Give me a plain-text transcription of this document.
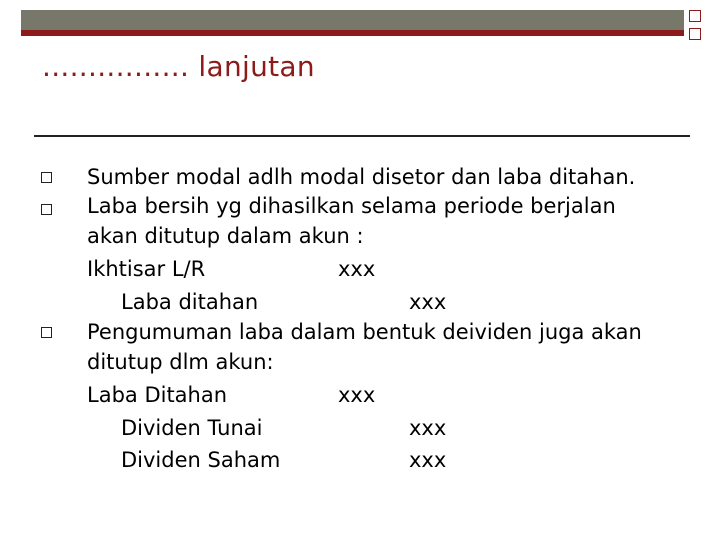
................ lanjutan
Sumber modal adlh modal disetor dan laba ditahan.
Laba bersih yg dihasilkan selama periode berjalan
akan ditutup dalam akun :
Ikhtisar L/R	xxx
Laba ditahan	xxx
Pengumuman laba dalam bentuk deividen juga akan
ditutup dlm akun:
Laba Ditahan	xxx
Dividen Tunai	xxx
Dividen Saham	xxx
